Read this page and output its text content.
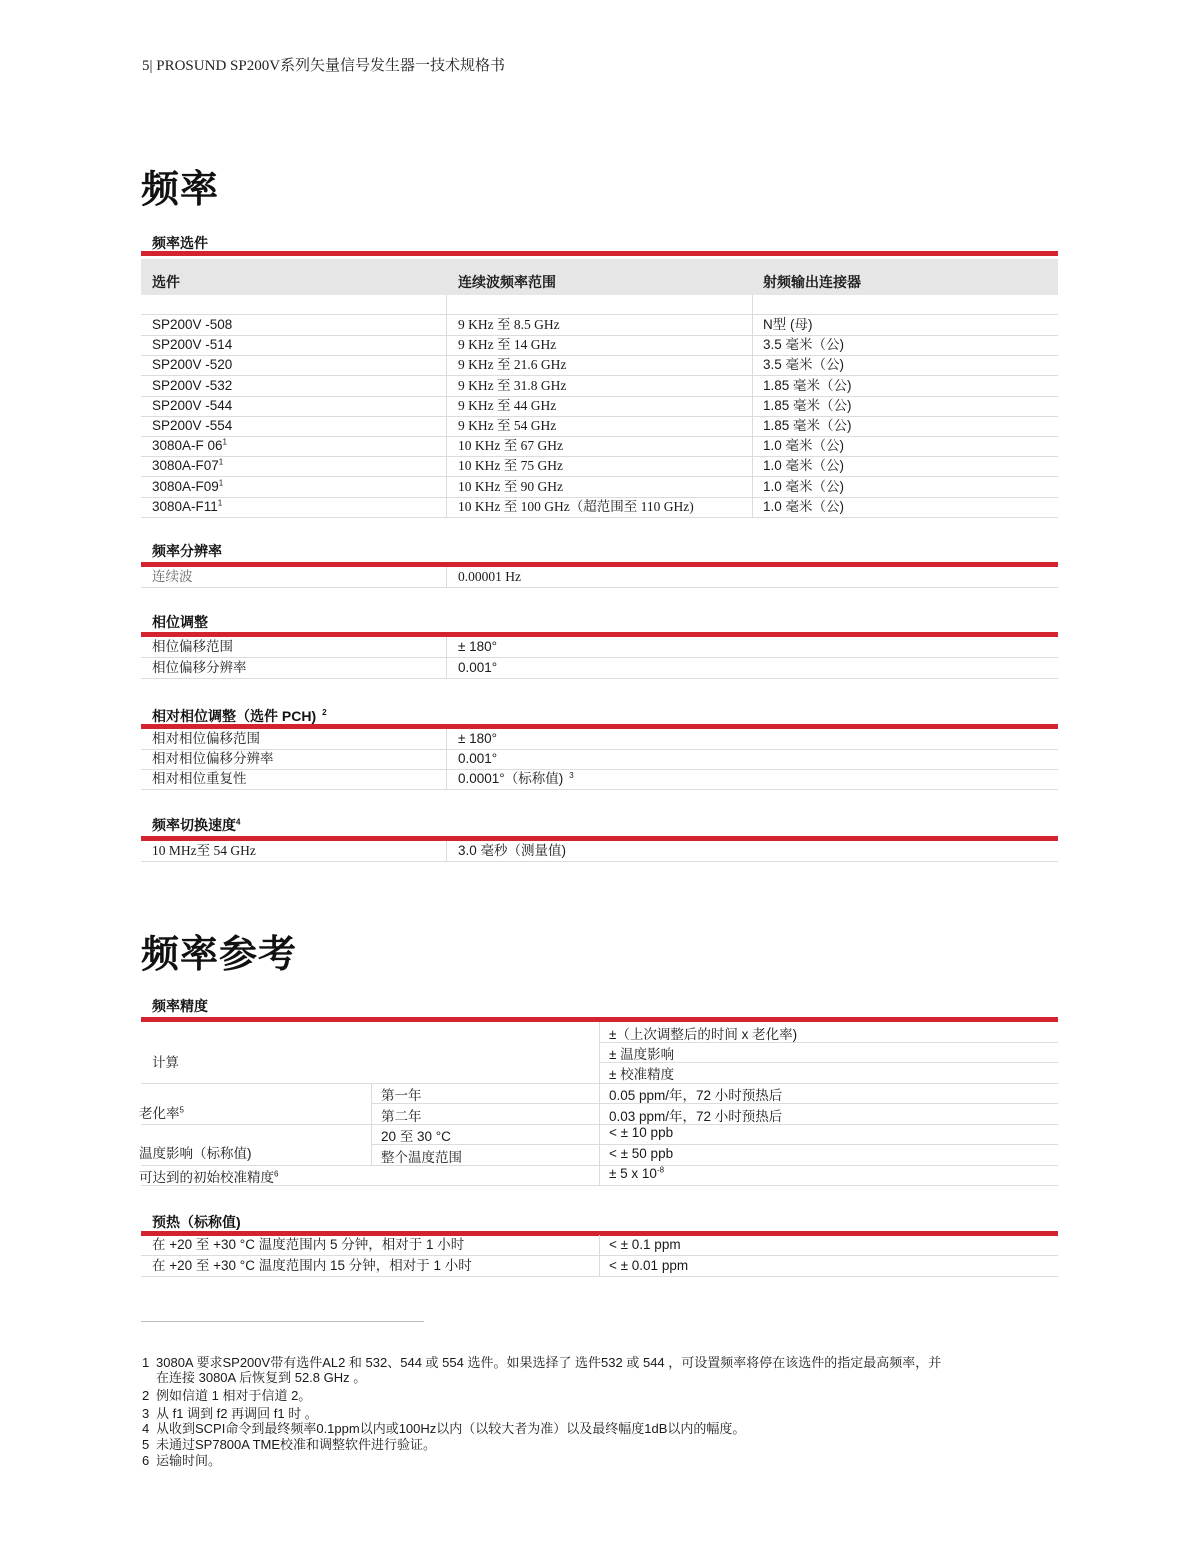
5| PROSUND SP200V系列矢量信号发生器一技术规格书
频率
频率选件
选件	连续波频率范围	射频输出连接器
SP200V -508	9 KHz 至 8.5 GHz	N型 (母)
SP200V -514	9 KHz 至 14 GHz	3.5 毫米（公)
SP200V -520	9 KHz 至 21.6 GHz	3.5 毫米（公)
SP200V -532	9 KHz 至 31.8 GHz	1.85 毫米（公)
SP200V -544	9 KHz 至 44 GHz	1.85 毫米（公)
SP200V -554	9 KHz 至 54 GHz	1.85 毫米（公)
3080A-F $06^1$	10 KHz 至 67 GHz	1.0 毫米（公)
$3080A-F07^1$	10 KHz 至 75 GHz	1.0 毫米（公)
$3080A-F09^1$	10 KHz 至 90 GHz	1.0 毫米（公)
$3080A-F11^1$	10 KHz 至 100 GHz（超范围至 110 GHz)	1.0 毫米（公)
频率分辨率
连续波	0.00001 Hz
相位调整
相位偏移范围	± 180°
相位偏移分辨率	0.001°
相对相位调整（选件 PCH) $^2$
相对相位偏移范围	± 180°
相对相位偏移分辨率	0.001°
相对相位重复性	0.0001°（标称值) $^3$
频率切换速度$^4$
10 MHz至 54 GHz	3.0 毫秒（测量值)
频率参考
频率精度
计算
±（上次调整后的时间 x 老化率)
± 温度影响
± 校准精度
老化率$^5$
第一年	0.05 ppm/年，72 小时预热后
第二年	0.03 ppm/年，72 小时预热后
温度影响（标称值)
20 至 30 °C	< ± 10 ppb
整个温度范围	< ± 50 ppb
可达到的初始校准精度$^6$	± 5 x $10^{-8}$
预热（标称值)
在 +20 至 +30 °C 温度范围内 5 分钟，相对于 1 小时	< ± 0.1 ppm
在 +20 至 +30 °C 温度范围内 15 分钟，相对于 1 小时	< ± 0.01 ppm
1 3080A 要求SP200V带有选件AL2 和 532、544 或 554 选件。如果选择了 选件532 或 544 ，可设置频率将停在该选件的指定最高频率，并
在连接 3080A 后恢复到 52.8 GHz 。
2 例如信道 1 相对于信道 2。
3 从 f1 调到 f2 再调回 f1 时 。
4 从收到SCPI命令到最终频率0.1ppm以内或100Hz以内（以较大者为准）以及最终幅度1dB以内的幅度。
5 未通过SP7800A TME校准和调整软件进行验证。
6 运输时间。
